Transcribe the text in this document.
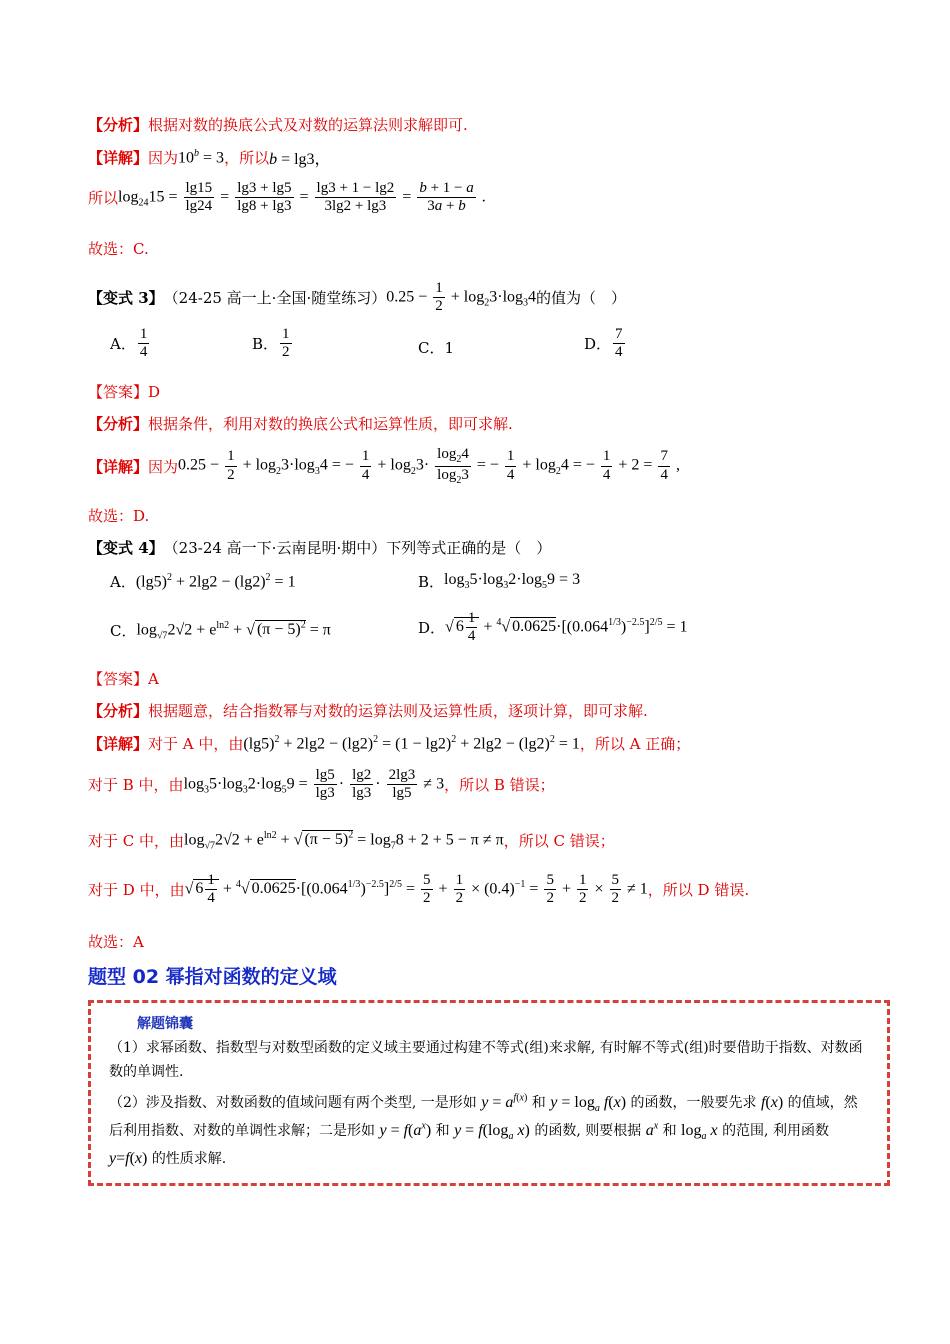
【分析】 根据对数的换底公式及对数的运算法则求解即可.
【详解】 因为 $10^b = 3$ ，所以 b = lg3，
所以 $\log_{24}15 = \frac{\lg 15}{\lg 24} = \frac{\lg 3 + \lg 5}{\lg 8 + \lg 3} = \frac{\lg 3 + 1 - \lg 2}{3\lg 2 + \lg 3} = \frac{b + 1 - a}{3a + b}$ .
故选：C.
【变式 3】 （24-25 高一上·全国·随堂练习） $0.25 - \frac{1}{2} + \log_23\cdot\log_34$ 的值为（　）
A． $\frac{1}{4}$	B． $\frac{1}{2}$	C．1	D． $\frac{7}{4}$
【答案】D
【分析】 根据条件，利用对数的换底公式和运算性质，即可求解.
【详解】 因为 $0.25 - \frac{1}{2} + \log_23\cdot\log_34$ = − $\frac{1}{4} + \log_23\cdot \frac{\log_24}{\log_23}$ = − $\frac{1}{4} + \log_24$ = − $\frac{1}{4} + 2 = \frac{7}{4}$ ,
故选：D.
【变式 4】 （23-24 高一下·云南昆明·期中） 下列等式正确的是（　）
A． $(\lg 5)^2 + 2\lg 2 - (\lg 2)^2 = 1$	B． $\log_35\cdot\log_32\cdot\log_59 = 3$
C． $\log_{√7}2√2 + e^{ln2}$ + √ $(\pi - 5)^2 = \pi$	D． √ $6 \frac{1}{4} + ^4√$ $0.0625\cdot[(0.064^{1/3})^{-2.5}]^{2/5} = 1$
【答案】A
【分析】 根据题意，结合指数幂与对数的运算法则及运算性质，逐项计算，即可求解.
【详解】 对于 A 中，由 $(\lg 5)^2 + 2\lg 2 - (\lg 2)^2 = (1 - \lg 2)^2 + 2\lg 2 - (\lg 2)^2 = 1$ ，所以 A 正确；
对于 B 中，由 $\log_35\cdot\log_32\cdot\log_59 = \frac{\lg 5}{\lg 3} \cdot \frac{\lg 2}{\lg 3} \cdot \frac{2\lg 3}{\lg 5} \ne 3$ ，所以 B 错误；
对于 C 中，由 $\log_{√7}2√2 + e^{ln2}$ + √ $(\pi - 5)^2 = \log_78 + 2 + 5 - \pi \ne \pi$ ，所以 C 错误；
对于 D 中，由 √ $6 \frac{1}{4} + ^4√$ $0.0625\cdot[(0.064^{1/3})^{-2.5}]^{2/5} = \frac{5}{2} + \frac{1}{2} \times (0.4)^{-1} = \frac{5}{2} + \frac{1}{2} \times \frac{5}{2} \ne 1$ ，所以 D 错误.
故选：A
题型 02 幂指对函数的定义域
解题锦囊

（1）求幂函数、指数型与对数型函数的定义域主要通过构建不等式(组)来求解, 有时解不等式(组)时要借助于指数、对数函数的单调性.

（2）涉及指数、对数函数的值域问题有两个类型, 一是形如 $y = a^{f(x)}$ 和 $y = \log_a f(x)$ 的函数，一般要先求 f(x) 的值域，然后利用指数、对数的单调性求解；二是形如 $y = f(a^x)$ 和 $y = f(\log_a$ x) 的函数, 则要根据 $a^x$ 和 $\log_a x$ 的范围, 利用函数 y=f(x) 的性质求解.
